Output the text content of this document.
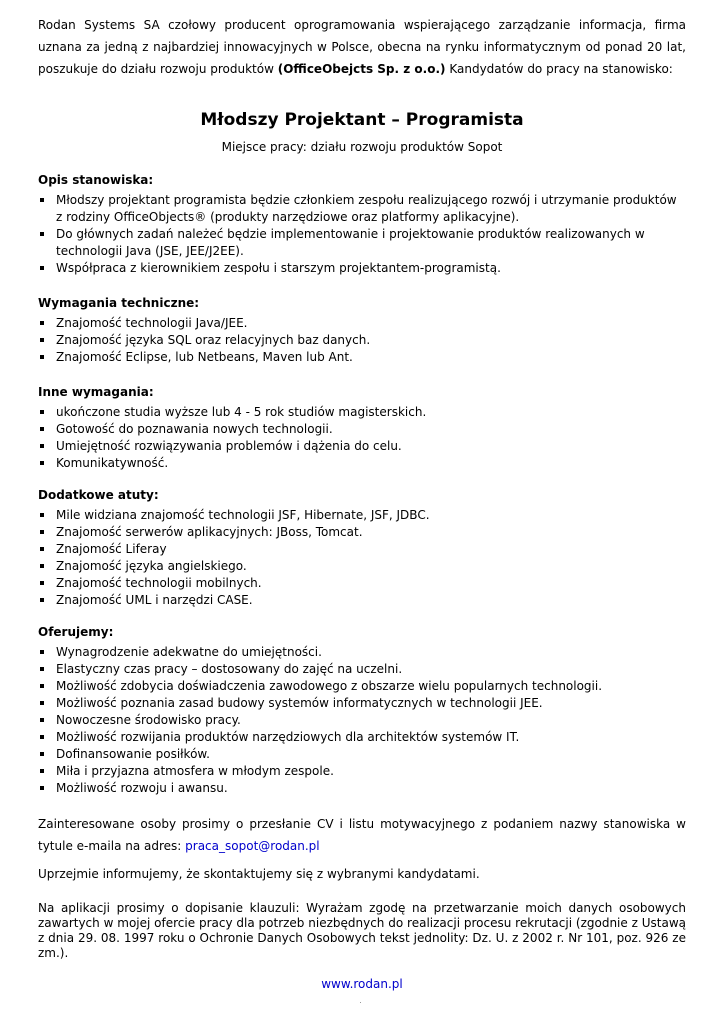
Rodan Systems SA czołowy producent oprogramowania wspierającego zarządzanie informacja, firma uznana za jedną z najbardziej innowacyjnych w Polsce, obecna na rynku informatycznym od ponad 20 lat, poszukuje do działu rozwoju produktów (OfficeObejcts Sp. z o.o.) Kandydatów do pracy na stanowisko:

Młodszy Projektant – Programista

Miejsce pracy: działu rozwoju produktów Sopot

Opis stanowiska:

Młodszy projektant programista będzie członkiem zespołu realizującego rozwój i utrzymanie produktów z rodziny OfficeObjects® (produkty narzędziowe oraz platformy aplikacyjne).
Do głównych zadań należeć będzie implementowanie i projektowanie produktów realizowanych w technologii Java (JSE, JEE/J2EE).
Współpraca z kierownikiem zespołu i starszym projektantem-programistą.

Wymagania techniczne:

Znajomość technologii Java/JEE.
Znajomość języka SQL oraz relacyjnych baz danych.
Znajomość Eclipse, lub Netbeans, Maven lub Ant.

Inne wymagania:

ukończone studia wyższe lub 4 - 5 rok studiów magisterskich.
Gotowość do poznawania nowych technologii.
Umiejętność rozwiązywania problemów i dążenia do celu.
Komunikatywność.

Dodatkowe atuty:

Mile widziana znajomość technologii JSF, Hibernate, JSF, JDBC.
Znajomość serwerów aplikacyjnych: JBoss, Tomcat.
Znajomość Liferay
Znajomość języka angielskiego.
Znajomość technologii mobilnych.
Znajomość UML i narzędzi CASE.

Oferujemy:

Wynagrodzenie adekwatne do umiejętności.
Elastyczny czas pracy – dostosowany do zajęć na uczelni.
Możliwość zdobycia doświadczenia zawodowego z obszarze wielu popularnych technologii.
Możliwość poznania zasad budowy systemów informatycznych w technologii JEE.
Nowoczesne środowisko pracy.
Możliwość rozwijania produktów narzędziowych dla architektów systemów IT.
Dofinansowanie posiłków.
Miła i przyjazna atmosfera w młodym zespole.
Możliwość rozwoju i awansu.

Zainteresowane osoby prosimy o przesłanie CV i listu motywacyjnego z podaniem nazwy stanowiska w tytule e-maila na adres: praca_sopot@rodan.pl

Uprzejmie informujemy, że skontaktujemy się z wybranymi kandydatami.

Na aplikacji prosimy o dopisanie klauzuli: Wyrażam zgodę na przetwarzanie moich danych osobowych zawartych w mojej ofercie pracy dla potrzeb niezbędnych do realizacji procesu rekrutacji (zgodnie z Ustawą z dnia 29. 08. 1997 roku o Ochronie Danych Osobowych tekst jednolity: Dz. U. z 2002 r. Nr 101, poz. 926 ze zm.).

www.rodan.pl
